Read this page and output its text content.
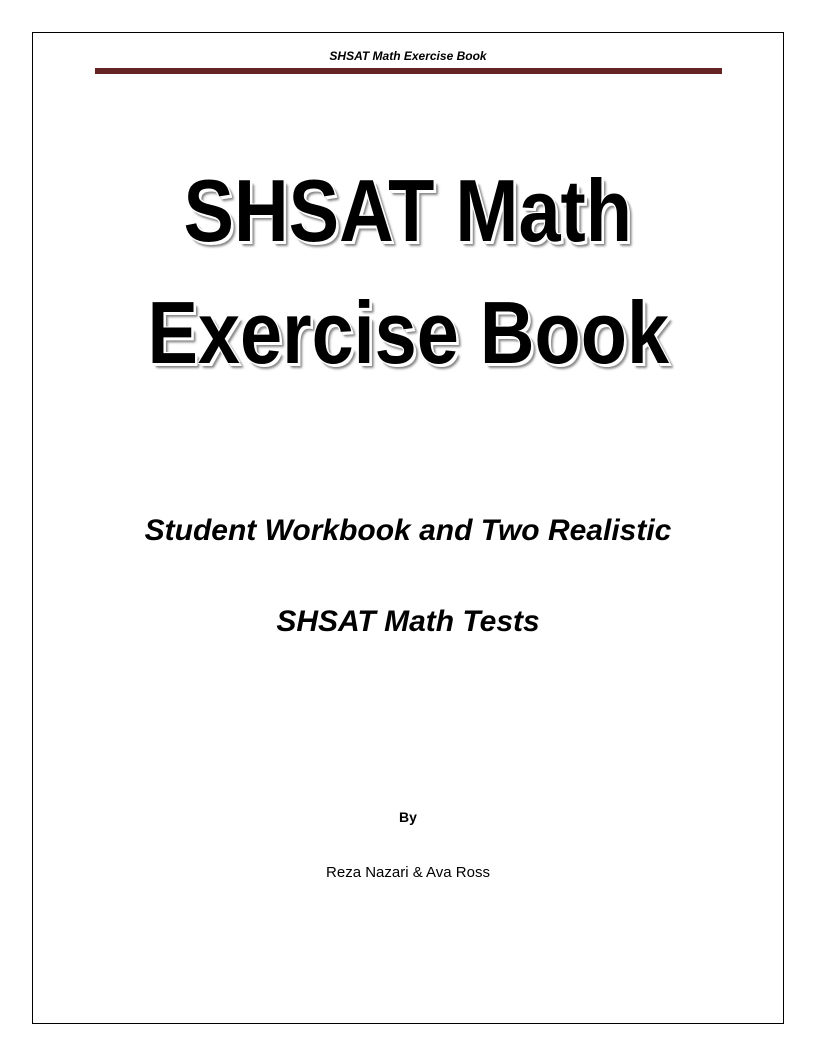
SHSAT Math Exercise Book
SHSAT Math
Exercise Book
Student Workbook and Two Realistic
SHSAT Math Tests
By
Reza Nazari & Ava Ross
